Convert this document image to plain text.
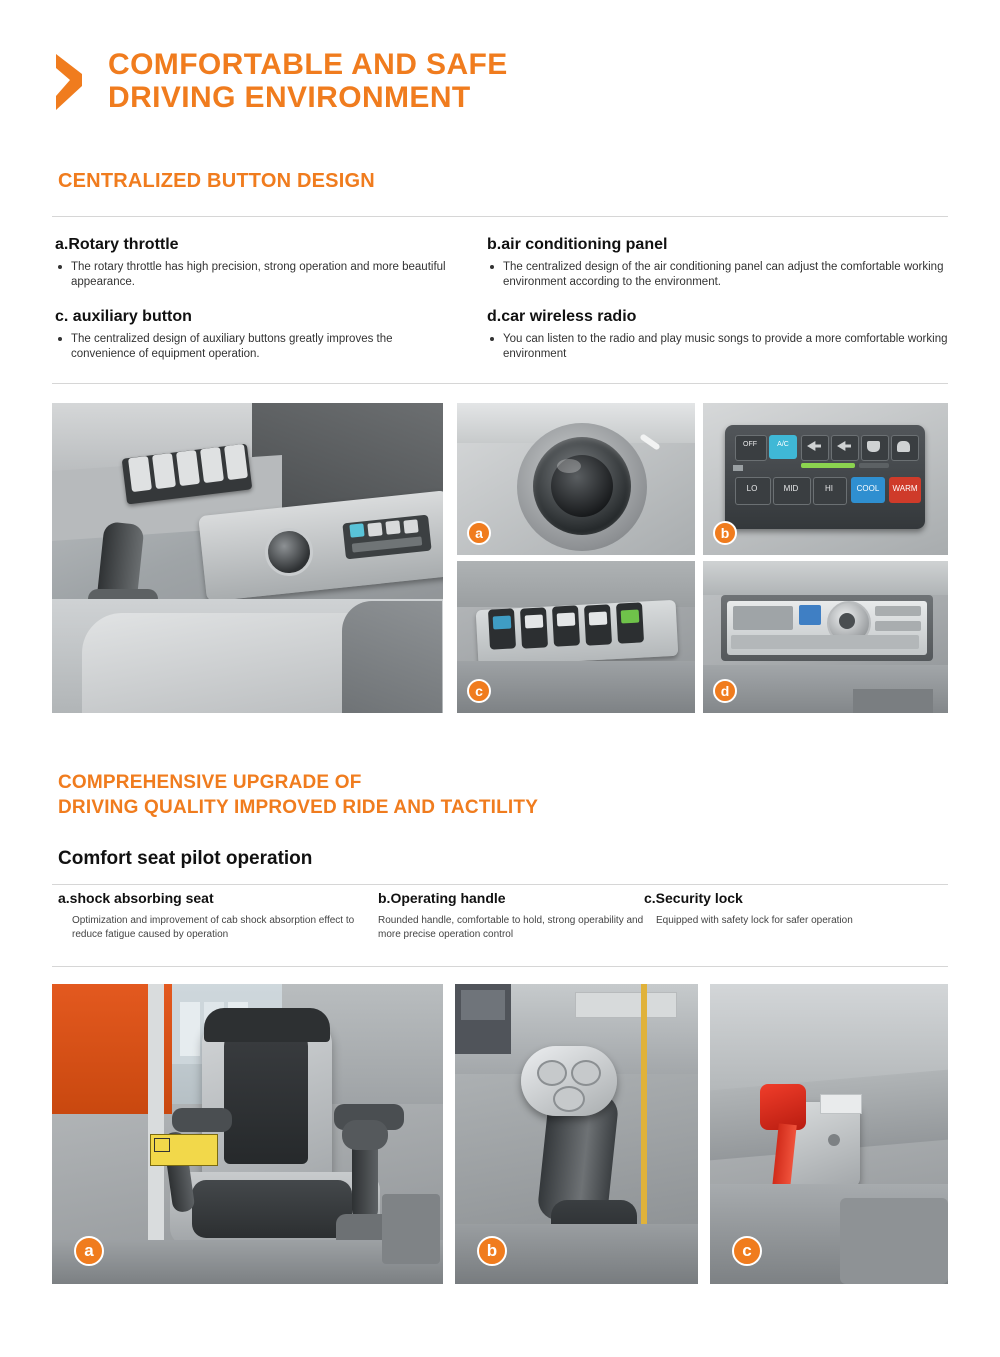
COMFORTABLE AND SAFE
DRIVING ENVIRONMENT
CENTRALIZED BUTTON DESIGN
a.Rotary throttle
The rotary throttle has high precision, strong operation and more beautiful appearance.
b.air conditioning panel
The centralized design of the air conditioning panel can adjust the comfortable working environment according to the environment.
c. auxiliary button
The centralized design of auxiliary buttons greatly improves the convenience of equipment operation.
d.car wireless radio
You can listen to the radio and play music songs to provide a more comfortable working environment
a
OFF	A/C
LO	MID	HI	COOL	WARM
b
c	d
COMPREHENSIVE UPGRADE OF
DRIVING QUALITY IMPROVED RIDE AND TACTILITY
Comfort seat pilot operation
a.shock absorbing seat

Optimization and improvement of cab shock absorption effect to reduce fatigue caused by operation

b.Operating handle

Rounded handle, comfortable to hold, strong operability and more precise operation control

c.Security lock

Equipped with safety lock for safer operation

a	b	c
